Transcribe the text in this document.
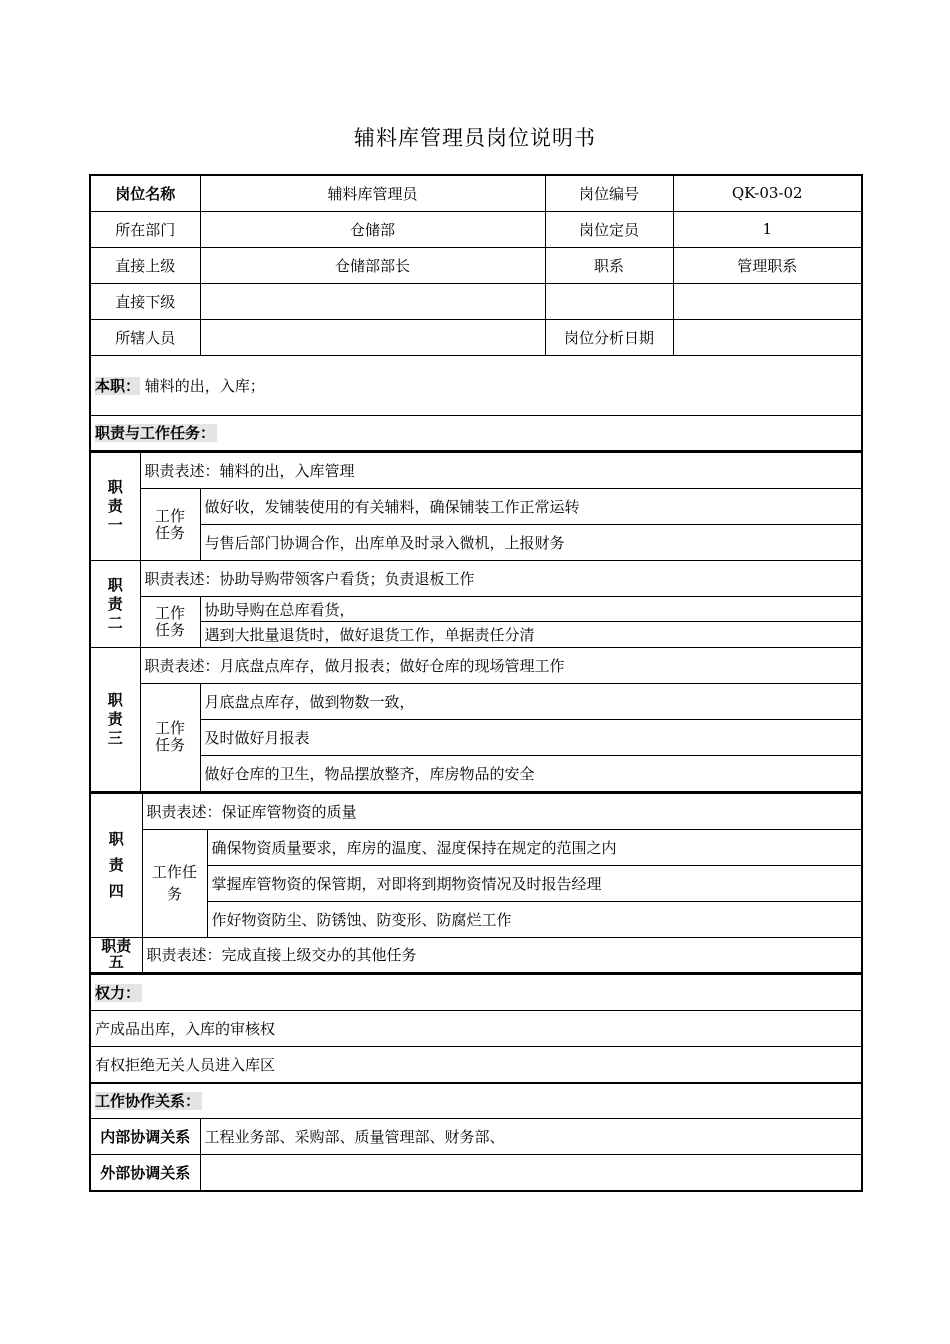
辅料库管理员岗位说明书
岗位名称	辅料库管理员	岗位编号	QK-03-02
所在部门	仓储部	岗位定员	1
直接上级	仓储部部长	职系	管理职系
直接下级			
所辖人员		岗位分析日期	
本职： 辅料的出，入库；			
职责与工作任务：			
职责一	职责表述：辅料的出，入库管理	
	工作任务	做好收，发铺装使用的有关辅料，确保铺装工作正常运转
		与售后部门协调合作，出库单及时录入微机，上报财务
职责二	职责表述：协助导购带领客户看货；负责退板工作	
	工作任务	协助导购在总库看货，
		遇到大批量退货时，做好退货工作，单据责任分清
职责三	职责表述：月底盘点库存，做月报表；做好仓库的现场管理工作	
	工作任务	月底盘点库存，做到物数一致，
		及时做好月报表
		做好仓库的卫生，物品摆放整齐，库房物品的安全
职责四	职责表述：保证库管物资的质量	
	工作任务	确保物资质量要求，库房的温度、湿度保持在规定的范围之内
		掌握库管物资的保管期，对即将到期物资情况及时报告经理
		作好物资防尘、防锈蚀、防变形、防腐烂工作
职责五	职责表述：完成直接上级交办的其他任务	
权力：	
产成品出库，入库的审核权	
有权拒绝无关人员进入库区	
工作协作关系：	
内部协调关系	工程业务部、采购部、质量管理部、财务部、
外部协调关系	
